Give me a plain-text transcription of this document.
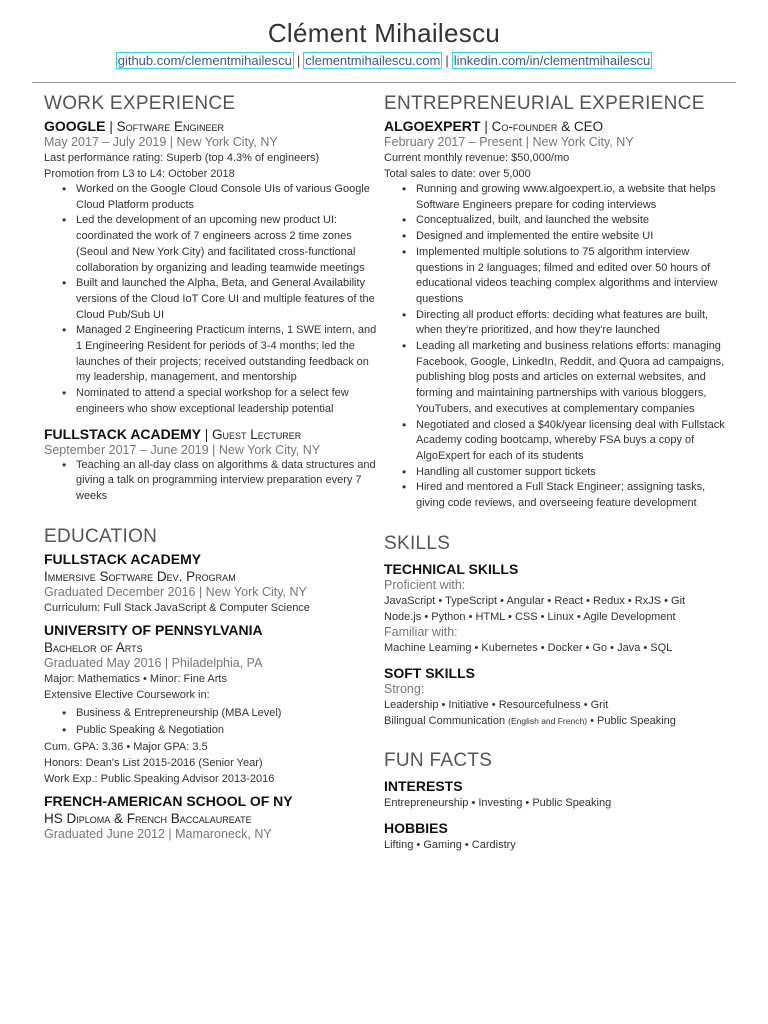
Clément Mihailescu
github.com/clementmihailescu | clementmihailescu.com | linkedin.com/in/clementmihailescu
WORK EXPERIENCE
GOOGLE | Software Engineer
May 2017 – July 2019 | New York City, NY
Last performance rating: Superb (top 4.3% of engineers)
Promotion from L3 to L4: October 2018
• Worked on the Google Cloud Console UIs of various Google Cloud Platform products
• Led the development of an upcoming new product UI: coordinated the work of 7 engineers across 2 time zones (Seoul and New York City) and facilitated cross-functional collaboration by organizing and leading teamwide meetings
• Built and launched the Alpha, Beta, and General Availability versions of the Cloud IoT Core UI and multiple features of the Cloud Pub/Sub UI
• Managed 2 Engineering Practicum interns, 1 SWE intern, and 1 Engineering Resident for periods of 3-4 months; led the launches of their projects; received outstanding feedback on my leadership, management, and mentorship
• Nominated to attend a special workshop for a select few engineers who show exceptional leadership potential
FULLSTACK ACADEMY | Guest Lecturer
September 2017 – June 2019 | New York City, NY
• Teaching an all-day class on algorithms & data structures and giving a talk on programming interview preparation every 7 weeks
EDUCATION
FULLSTACK ACADEMY
Immersive Software Dev. Program
Graduated December 2016 | New York City, NY
Curriculum: Full Stack JavaScript & Computer Science
UNIVERSITY OF PENNSYLVANIA
Bachelor of Arts
Graduated May 2016 | Philadelphia, PA
Major: Mathematics • Minor: Fine Arts
Extensive Elective Coursework in:
• Business & Entrepreneurship (MBA Level)
• Public Speaking & Negotiation
Cum. GPA: 3.36 • Major GPA: 3.5
Honors: Dean's List 2015-2016 (Senior Year)
Work Exp.: Public Speaking Advisor 2013-2016
FRENCH-AMERICAN SCHOOL OF NY
HS Diploma & French Baccalaureate
Graduated June 2012 | Mamaroneck, NY
ENTREPRENEURIAL EXPERIENCE
ALGOEXPERT | Co-founder & CEO
February 2017 – Present | New York City, NY
Current monthly revenue: $50,000/mo
Total sales to date: over 5,000
• Running and growing www.algoexpert.io, a website that helps Software Engineers prepare for coding interviews
• Conceptualized, built, and launched the website
• Designed and implemented the entire website UI
• Implemented multiple solutions to 75 algorithm interview questions in 2 languages; filmed and edited over 50 hours of educational videos teaching complex algorithms and interview questions
• Directing all product efforts: deciding what features are built, when they're prioritized, and how they're launched
• Leading all marketing and business relations efforts: managing Facebook, Google, LinkedIn, Reddit, and Quora ad campaigns, publishing blog posts and articles on external websites, and forming and maintaining partnerships with various bloggers, YouTubers, and executives at complementary companies
• Negotiated and closed a $40k/year licensing deal with Fullstack Academy coding bootcamp, whereby FSA buys a copy of AlgoExpert for each of its students
• Handling all customer support tickets
• Hired and mentored a Full Stack Engineer; assigning tasks, giving code reviews, and overseeing feature development
SKILLS
TECHNICAL SKILLS
Proficient with:
JavaScript • TypeScript • Angular • React • Redux • RxJS • Git
Node.js • Python • HTML • CSS • Linux • Agile Development
Familiar with:
Machine Learning • Kubernetes • Docker • Go • Java • SQL
SOFT SKILLS
Strong:
Leadership • Initiative • Resourcefulness • Grit
Bilingual Communication (English and French) • Public Speaking
FUN FACTS
INTERESTS
Entrepreneurship • Investing • Public Speaking
HOBBIES
Lifting • Gaming • Cardistry
